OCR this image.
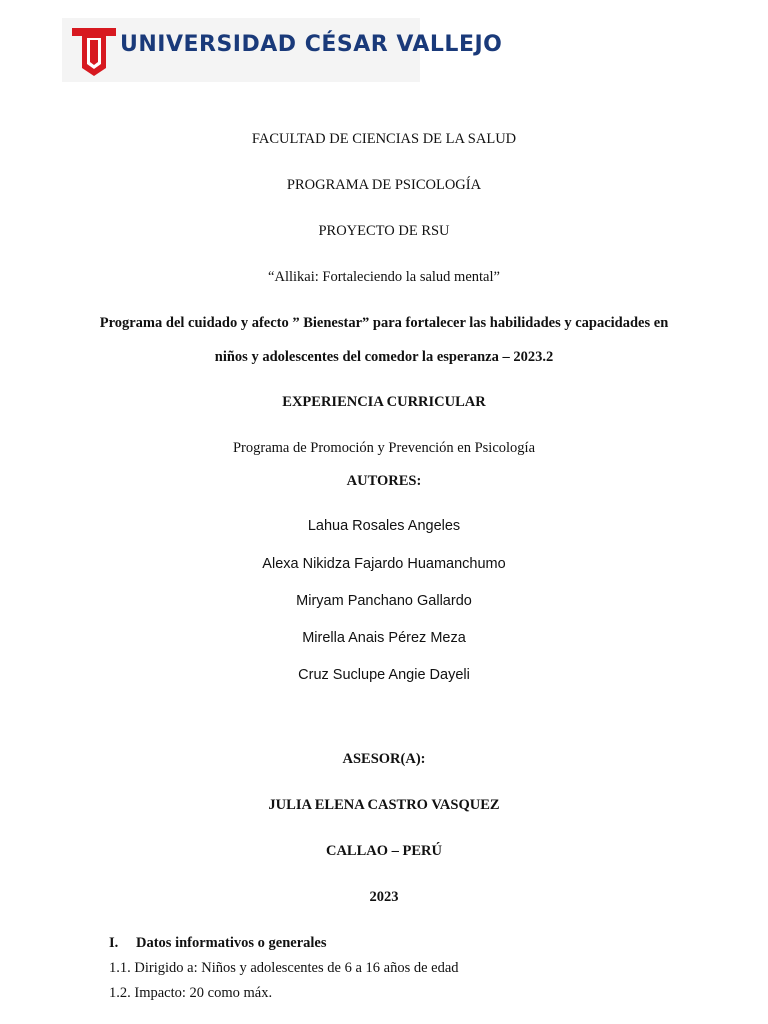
UNIVERSIDAD CÉSAR VALLEJO
FACULTAD DE CIENCIAS DE LA SALUD
PROGRAMA DE PSICOLOGÍA
PROYECTO DE RSU
“Allikai: Fortaleciendo la salud mental”
Programa del cuidado y afecto ” Bienestar” para fortalecer las habilidades y capacidades en
niños y adolescentes del comedor la esperanza – 2023.2
EXPERIENCIA CURRICULAR
Programa de Promoción y Prevención en Psicología
AUTORES:
Lahua Rosales Angeles
Alexa Nikidza Fajardo Huamanchumo
Miryam Panchano Gallardo
Mirella Anais Pérez Meza
Cruz Suclupe Angie Dayeli
ASESOR(A):
JULIA ELENA CASTRO VASQUEZ
CALLAO – PERÚ
2023
I. Datos informativos o generales
1.1. Dirigido a: Niños y adolescentes de 6 a 16 años de edad
1.2. Impacto: 20 como máx.
